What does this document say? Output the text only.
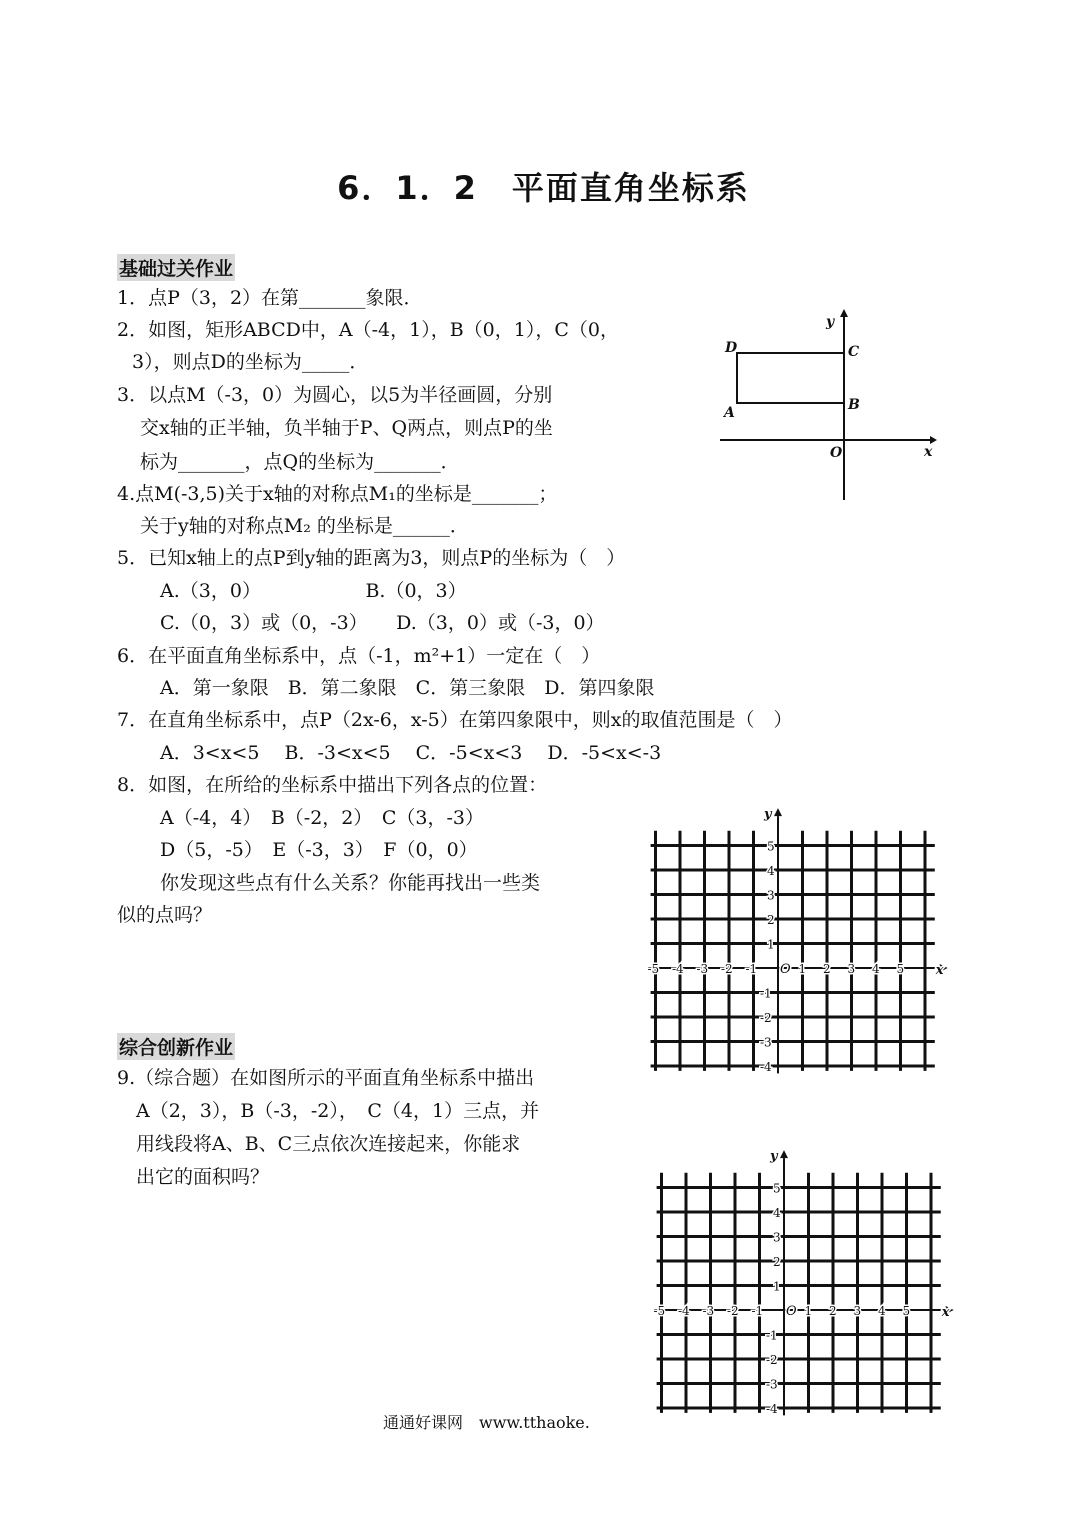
6．1．2　平面直角坐标系
基础过关作业
1．点P（3，2）在第_______象限．
2．如图，矩形ABCD中，A（-4，1），B（0，1），C（0，
3），则点D的坐标为_____．
3．以点M（-3，0）为圆心，以5为半径画圆，分别
交x轴的正半轴，负半轴于P、Q两点，则点P的坐
标为_______，点Q的坐标为_______．
4.点M(-3,5)关于x轴的对称点M₁的坐标是_______；
关于y轴的对称点M₂ 的坐标是______．
5．已知x轴上的点P到y轴的距离为3，则点P的坐标为（　）
A.（3，0）　　　　　　B.（0，3）
C.（0，3）或（0，-3）　　D.（3，0）或（-3，0）
6．在平面直角坐标系中，点（-1，m²+1）一定在（　）
A．第一象限　B．第二象限　C．第三象限　D．第四象限
7．在直角坐标系中，点P（2x-6，x-5）在第四象限中，则x的取值范围是（　）
A．3<x<5　 B．-3<x<5　 C．-5<x<3　 D．-5<x<-3
8．如图，在所给的坐标系中描出下列各点的位置：
A（-4，4）　B（-2，2）　C（3，-3）
D（5，-5）　E（-3，3）　F（0，0）
你发现这些点有什么关系？你能再找出一些类
似的点吗？
综合创新作业
9.（综合题）在如图所示的平面直角坐标系中描出
A（2，3），B（-3，-2），　C（4，1）三点，并
用线段将A、B、C三点依次连接起来，你能求
出它的面积吗？
y
x
O
A	B
C
D
-5 -4 -3 -2 -1	1 2 3 4 5
5
4
3
2
1
-1
-2
-3
-4
O	x
y
-5 -4 -3 -2 -1	1 2 3 4 5
5
4
3
2
1
-1
-2
-3
-4
O	x
y
通通好课网　www.tthaoke.
